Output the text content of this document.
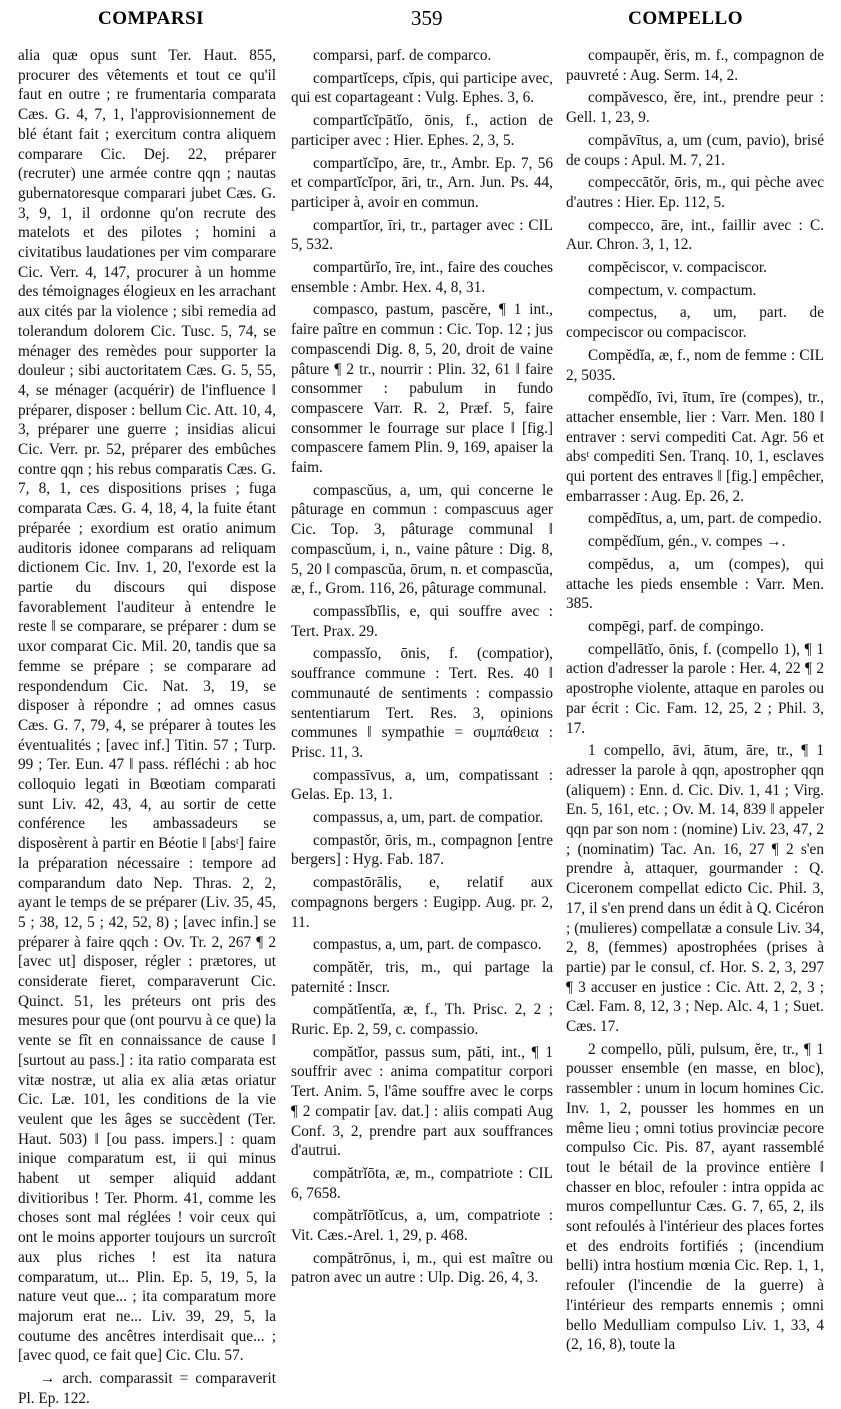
COMPARSI	359	COMPELLO

alia quæ opus sunt Ter. Haut. 855, procurer des vêtements et tout ce qu'il faut en outre ; re frumentaria comparata Cæs. G. 4, 7, 1, l'approvisionnement de blé étant fait ; exercitum contra aliquem comparare Cic. Dej. 22, préparer (recruter) une armée contre qqn ; nautas gubernatoresque comparari jubet Cæs. G. 3, 9, 1, il ordonne qu'on recrute des matelots et des pilotes ; homini a civitatibus laudationes per vim comparare Cic. Verr. 4, 147, procurer à un homme des témoignages élogieux en les arrachant aux cités par la violence ; sibi remedia ad tolerandum dolorem Cic. Tusc. 5, 74, se ménager des remèdes pour supporter la douleur ; sibi auctoritatem Cæs. G. 5, 55, 4, se ménager (acquérir) de l'influence ‖ préparer, disposer : bellum Cic. Att. 10, 4, 3, préparer une guerre ; insidias alicui Cic. Verr. pr. 52, préparer des embûches contre qqn ; his rebus comparatis Cæs. G. 7, 8, 1, ces dispositions prises ; fuga comparata Cæs. G. 4, 18, 4, la fuite étant préparée ; exordium est oratio animum auditoris idonee comparans ad reliquam dictionem Cic. Inv. 1, 20, l'exorde est la partie du discours qui dispose favorablement l'auditeur à entendre le reste ‖ se comparare, se préparer : dum se uxor comparat Cic. Mil. 20, tandis que sa femme se prépare ; se comparare ad respondendum Cic. Nat. 3, 19, se disposer à répondre ; ad omnes casus Cæs. G. 7, 79, 4, se préparer à toutes les éventualités ; [avec inf.] Titin. 57 ; Turp. 99 ; Ter. Eun. 47 ‖ pass. réfléchi : ab hoc colloquio legati in Bœotiam comparati sunt Liv. 42, 43, 4, au sortir de cette conférence les ambassadeurs se disposèrent à partir en Béotie ‖ [absᵗ] faire la préparation nécessaire : tempore ad comparandum dato Nep. Thras. 2, 2, ayant le temps de se préparer (Liv. 35, 45, 5 ; 38, 12, 5 ; 42, 52, 8) ; [avec infin.] se préparer à faire qqch : Ov. Tr. 2, 267 ¶ 2 [avec ut] disposer, régler : prætores, ut considerate fieret, comparaverunt Cic. Quinct. 51, les préteurs ont pris des mesures pour que (ont pourvu à ce que) la vente se fît en connaissance de cause ‖ [surtout au pass.] : ita ratio comparata est vitæ nostræ, ut alia ex alia ætas oriatur Cic. Læ. 101, les conditions de la vie veulent que les âges se succèdent (Ter. Haut. 503) ‖ [ou pass. impers.] : quam inique comparatum est, ii qui minus habent ut semper aliquid addant divitioribus ! Ter. Phorm. 41, comme les choses sont mal réglées ! voir ceux qui ont le moins apporter toujours un surcroît aux plus riches ! est ita natura comparatum, ut... Plin. Ep. 5, 19, 5, la nature veut que... ; ita comparatum more majorum erat ne... Liv. 39, 29, 5, la coutume des ancêtres interdisait que... ; [avec quod, ce fait que] Cic. Clu. 57.

→ arch. comparassit = comparaverit Pl. Ep. 122.

comparsi, parf. de comparco.

compartĭceps, cĭpis, qui participe avec, qui est copartageant : Vulg. Ephes. 3, 6.

compartĭcĭpātĭo, ōnis, f., action de participer avec : Hier. Ephes. 2, 3, 5.

compartĭcĭpo, āre, tr., Ambr. Ep. 7, 56 et compartĭcĭpor, āri, tr., Arn. Jun. Ps. 44, participer à, avoir en commun.

compartĭor, īri, tr., partager avec : CIL 5, 532.

compartŭrĭo, īre, int., faire des couches ensemble : Ambr. Hex. 4, 8, 31.

compasco, pastum, pascĕre, ¶ 1 int., faire paître en commun : Cic. Top. 12 ; jus compascendi Dig. 8, 5, 20, droit de vaine pâture ¶ 2 tr., nourrir : Plin. 32, 61 ‖ faire consommer : pabulum in fundo compascere Varr. R. 2, Præf. 5, faire consommer le fourrage sur place ‖ [fig.] compascere famem Plin. 9, 169, apaiser la faim.

compascŭus, a, um, qui concerne le pâturage en commun : compascuus ager Cic. Top. 3, pâturage communal ‖ compascŭum, i, n., vaine pâture : Dig. 8, 5, 20 ‖ compascŭa, ōrum, n. et compascŭa, æ, f., Grom. 116, 26, pâturage communal.

compassĭbĭlis, e, qui souffre avec : Tert. Prax. 29.

compassĭo, ōnis, f. (compatior), souffrance commune : Tert. Res. 40 ‖ communauté de sentiments : compassio sententiarum Tert. Res. 3, opinions communes ‖ sympathie = συμπάθεια : Prisc. 11, 3.

compassīvus, a, um, compatissant : Gelas. Ep. 13, 1.

compassus, a, um, part. de compatior.

compastŏr, ōris, m., compagnon [entre bergers] : Hyg. Fab. 187.

compastōrālis, e, relatif aux compagnons bergers : Eugipp. Aug. pr. 2, 11.

compastus, a, um, part. de compasco.

compătĕr, tris, m., qui partage la paternité : Inscr.

compătĭentĭa, æ, f., Th. Prisc. 2, 2 ; Ruric. Ep. 2, 59, c. compassio.

compătĭor, passus sum, păti, int., ¶ 1 souffrir avec : anima compatitur corpori Tert. Anim. 5, l'âme souffre avec le corps ¶ 2 compatir [av. dat.] : aliis compati Aug Conf. 3, 2, prendre part aux souffrances d'autrui.

compătrĭōta, æ, m., compatriote : CIL 6, 7658.

compătrĭōtĭcus, a, um, compatriote : Vit. Cæs.-Arel. 1, 29, p. 468.

compătrōnus, i, m., qui est maître ou patron avec un autre : Ulp. Dig. 26, 4, 3.

compaupĕr, ĕris, m. f., compagnon de pauvreté : Aug. Serm. 14, 2.

compăvesco, ĕre, int., prendre peur : Gell. 1, 23, 9.

compăvītus, a, um (cum, pavio), brisé de coups : Apul. M. 7, 21.

compeccātŏr, ōris, m., qui pèche avec d'autres : Hier. Ep. 112, 5.

compecco, āre, int., faillir avec : C. Aur. Chron. 3, 1, 12.

compĕciscor, v. compaciscor.

compectum, v. compactum.

compectus, a, um, part. de compeciscor ou compaciscor.

Compĕdĭa, æ, f., nom de femme : CIL 2, 5035.

compĕdĭo, īvi, ītum, īre (compes), tr., attacher ensemble, lier : Varr. Men. 180 ‖ entraver : servi compediti Cat. Agr. 56 et absᵗ compediti Sen. Tranq. 10, 1, esclaves qui portent des entraves ‖ [fig.] empêcher, embarrasser : Aug. Ep. 26, 2.

compĕdītus, a, um, part. de compedio.

compĕdĭum, gén., v. compes →.

compĕdus, a, um (compes), qui attache les pieds ensemble : Varr. Men. 385.

compēgi, parf. de compingo.

compellātĭo, ōnis, f. (compello 1), ¶ 1 action d'adresser la parole : Her. 4, 22 ¶ 2 apostrophe violente, attaque en paroles ou par écrit : Cic. Fam. 12, 25, 2 ; Phil. 3, 17.

1 compello, āvi, ātum, āre, tr., ¶ 1 adresser la parole à qqn, apostropher qqn (aliquem) : Enn. d. Cic. Div. 1, 41 ; Virg. En. 5, 161, etc. ; Ov. M. 14, 839 ‖ appeler qqn par son nom : (nomine) Liv. 23, 47, 2 ; (nominatim) Tac. An. 16, 27 ¶ 2 s'en prendre à, attaquer, gourmander : Q. Ciceronem compellat edicto Cic. Phil. 3, 17, il s'en prend dans un édit à Q. Cicéron ; (mulieres) compellatæ a consule Liv. 34, 2, 8, (femmes) apostrophées (prises à partie) par le consul, cf. Hor. S. 2, 3, 297 ¶ 3 accuser en justice : Cic. Att. 2, 2, 3 ; Cæl. Fam. 8, 12, 3 ; Nep. Alc. 4, 1 ; Suet. Cæs. 17.

2 compello, pŭli, pulsum, ĕre, tr., ¶ 1 pousser ensemble (en masse, en bloc), rassembler : unum in locum homines Cic. Inv. 1, 2, pousser les hommes en un même lieu ; omni totius provinciæ pecore compulso Cic. Pis. 87, ayant rassemblé tout le bétail de la province entière ‖ chasser en bloc, refouler : intra oppida ac muros compelluntur Cæs. G. 7, 65, 2, ils sont refoulés à l'intérieur des places fortes et des endroits fortifiés ; (incendium belli) intra hostium mœnia Cic. Rep. 1, 1, refouler (l'incendie de la guerre) à l'intérieur des remparts ennemis ; omni bello Medulliam compulso Liv. 1, 33, 4 (2, 16, 8), toute la
